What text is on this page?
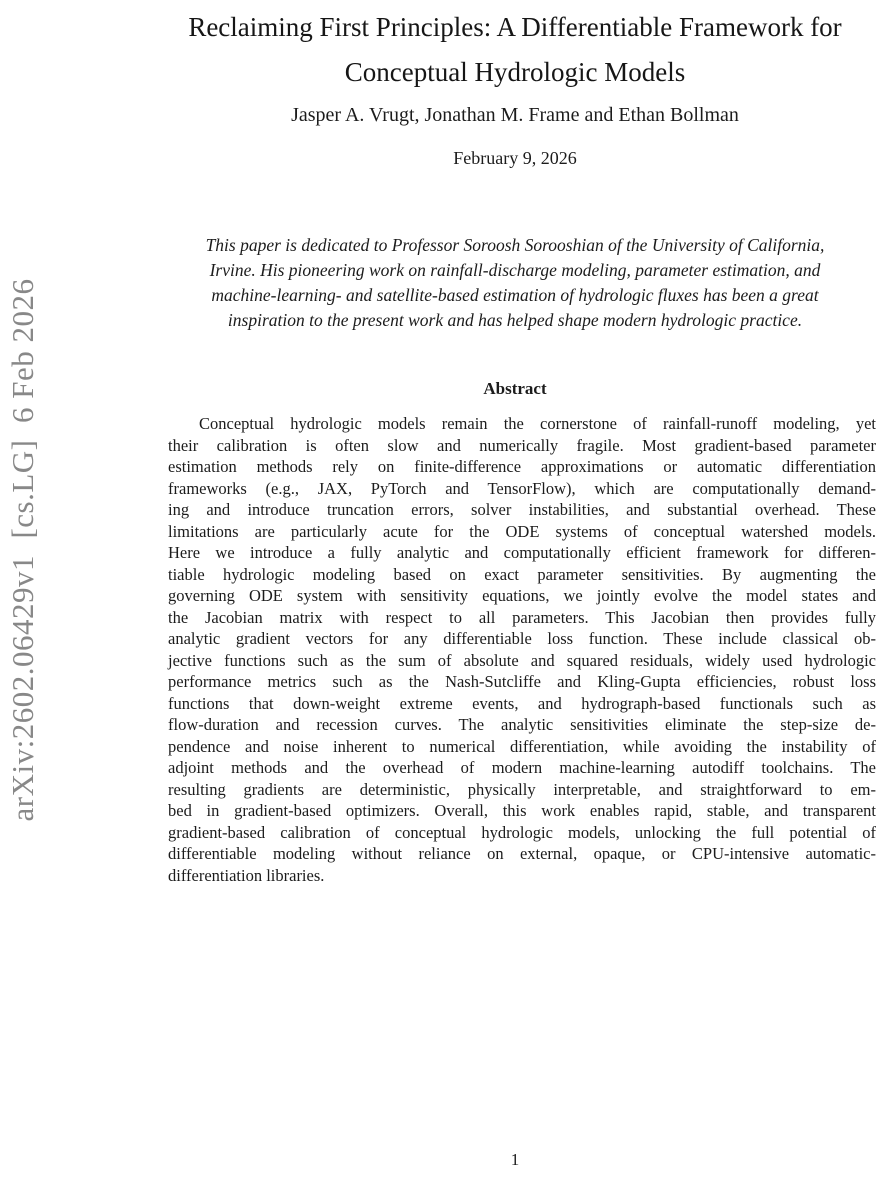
arXiv:2602.06429v1  [cs.LG]  6 Feb 2026
Reclaiming First Principles: A Differentiable Framework for
Conceptual Hydrologic Models
Jasper A. Vrugt, Jonathan M. Frame and Ethan Bollman
February 9, 2026
This paper is dedicated to Professor Soroosh Sorooshian of the University of California,
Irvine. His pioneering work on rainfall-discharge modeling, parameter estimation, and
machine-learning- and satellite-based estimation of hydrologic fluxes has been a great
inspiration to the present work and has helped shape modern hydrologic practice.
Abstract
Conceptual hydrologic models remain the cornerstone of rainfall-runoff modeling, yet
their calibration is often slow and numerically fragile. Most gradient-based parameter
estimation methods rely on finite-difference approximations or automatic differentiation
frameworks (e.g., JAX, PyTorch and TensorFlow), which are computationally demand-
ing and introduce truncation errors, solver instabilities, and substantial overhead. These
limitations are particularly acute for the ODE systems of conceptual watershed models.
Here we introduce a fully analytic and computationally efficient framework for differen-
tiable hydrologic modeling based on exact parameter sensitivities. By augmenting the
governing ODE system with sensitivity equations, we jointly evolve the model states and
the Jacobian matrix with respect to all parameters. This Jacobian then provides fully
analytic gradient vectors for any differentiable loss function. These include classical ob-
jective functions such as the sum of absolute and squared residuals, widely used hydrologic
performance metrics such as the Nash-Sutcliffe and Kling-Gupta efficiencies, robust loss
functions that down-weight extreme events, and hydrograph-based functionals such as
flow-duration and recession curves. The analytic sensitivities eliminate the step-size de-
pendence and noise inherent to numerical differentiation, while avoiding the instability of
adjoint methods and the overhead of modern machine-learning autodiff toolchains. The
resulting gradients are deterministic, physically interpretable, and straightforward to em-
bed in gradient-based optimizers. Overall, this work enables rapid, stable, and transparent
gradient-based calibration of conceptual hydrologic models, unlocking the full potential of
differentiable modeling without reliance on external, opaque, or CPU-intensive automatic-
differentiation libraries.
1
